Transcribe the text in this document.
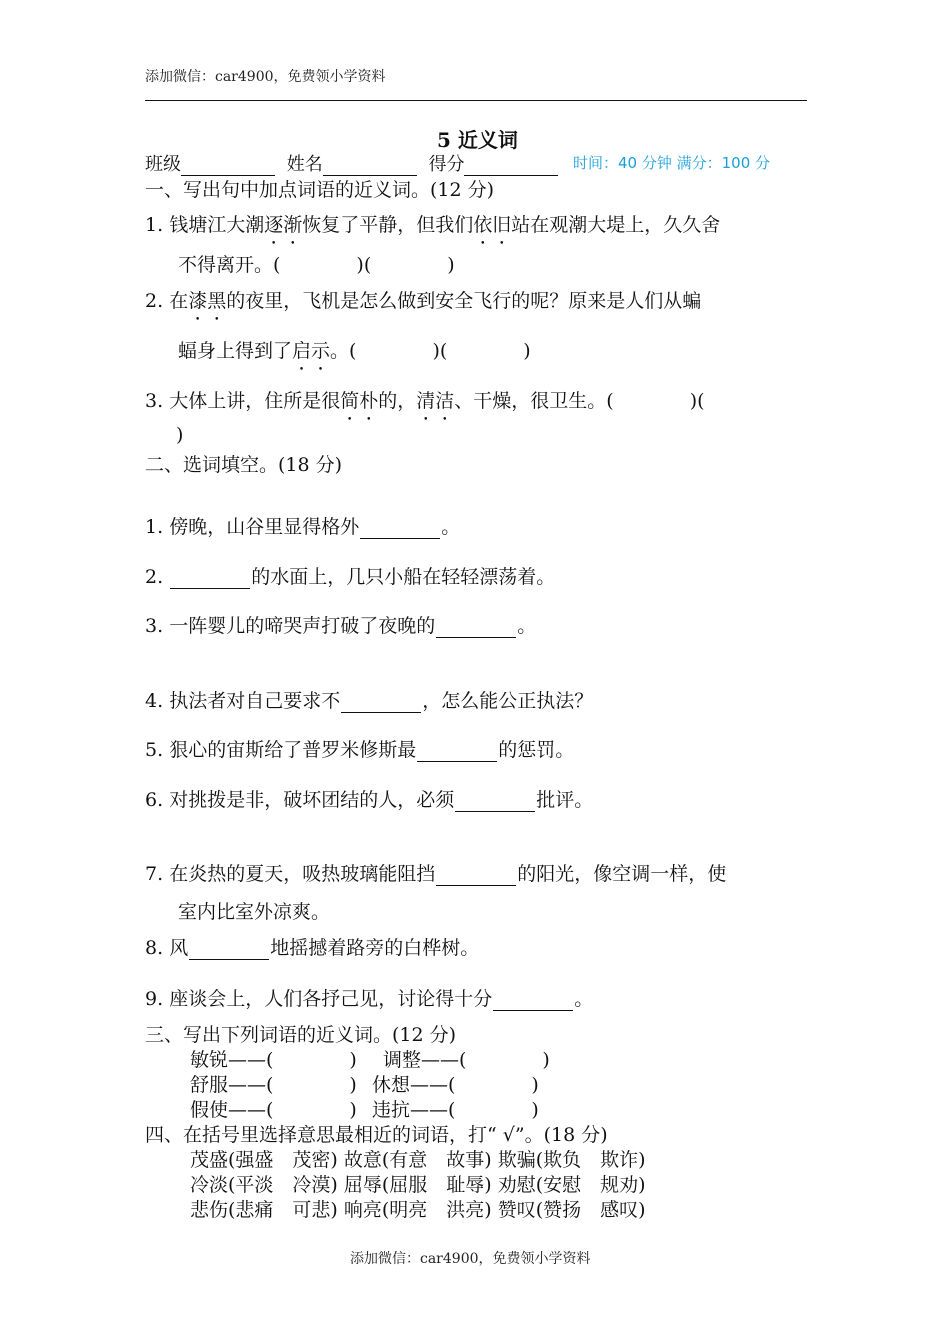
添加微信：car4900，免费领小学资料
5 近义词
班级	姓名	得分	时间：40 分钟 满分：100 分
一、写出句中加点词语的近义词。(12 分)
1. 钱塘江大潮逐渐恢复了平静，但我们依旧站在观潮大堤上，久久舍
不得离开。(　　　　)(　　　　)
2. 在漆黑的夜里，飞机是怎么做到安全飞行的呢？原来是人们从蝙
蝠身上得到了启示。(　　　　)(　　　　)
3. 大体上讲，住所是很简朴的，清洁、干燥，很卫生。(　　　　)(
)
二、选词填空。(18 分)
1. 傍晚，山谷里显得格外	。
2.	的水面上，几只小船在轻轻漂荡着。
3. 一阵婴儿的啼哭声打破了夜晚的	。
4. 执法者对自己要求不	，怎么能公正执法？
5. 狠心的宙斯给了普罗米修斯最	的惩罚。
6. 对挑拨是非，破坏团结的人，必须	批评。
7. 在炎热的夏天，吸热玻璃能阻挡	的阳光，像空调一样，使
室内比室外凉爽。
8. 风	地摇撼着路旁的白桦树。
9. 座谈会上，人们各抒己见，讨论得十分	。
三、写出下列词语的近义词。(12 分)
敏锐——(　　　　) 调整——(　　　　)
舒服——(　　　　) 休想——(　　　　)
假使——(　　　　) 违抗——(　　　　)
四、在括号里选择意思最相近的词语，打“ √”。(18 分)
茂盛(强盛　茂密) 故意(有意　故事) 欺骗(欺负　欺诈)
冷淡(平淡　冷漠) 屈辱(屈服　耻辱) 劝慰(安慰　规劝)
悲伤(悲痛　可悲) 响亮(明亮　洪亮) 赞叹(赞扬　感叹)
添加微信：car4900，免费领小学资料
